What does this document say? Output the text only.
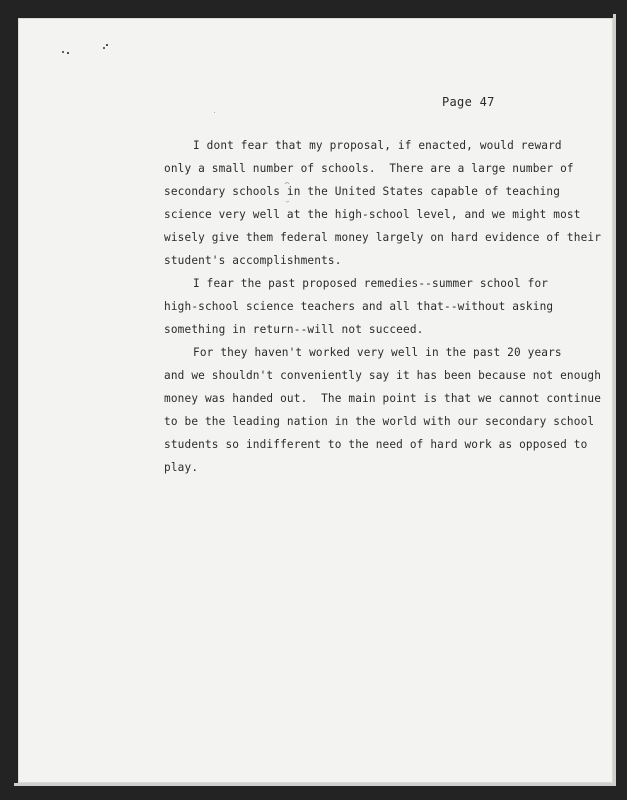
Page 47
I dont fear that my proposal, if enacted, would reward
only a small number of schools.  There are a large number of
secondary schools in the United States capable of teaching
science very well at the high-school level, and we might most
wisely give them federal money largely on hard evidence of their
student's accomplishments.
I fear the past proposed remedies--summer school for
high-school science teachers and all that--without asking
something in return--will not succeed.
For they haven't worked very well in the past 20 years
and we shouldn't conveniently say it has been because not enough
money was handed out.  The main point is that we cannot continue
to be the leading nation in the world with our secondary school
students so indifferent to the need of hard work as opposed to
play.
